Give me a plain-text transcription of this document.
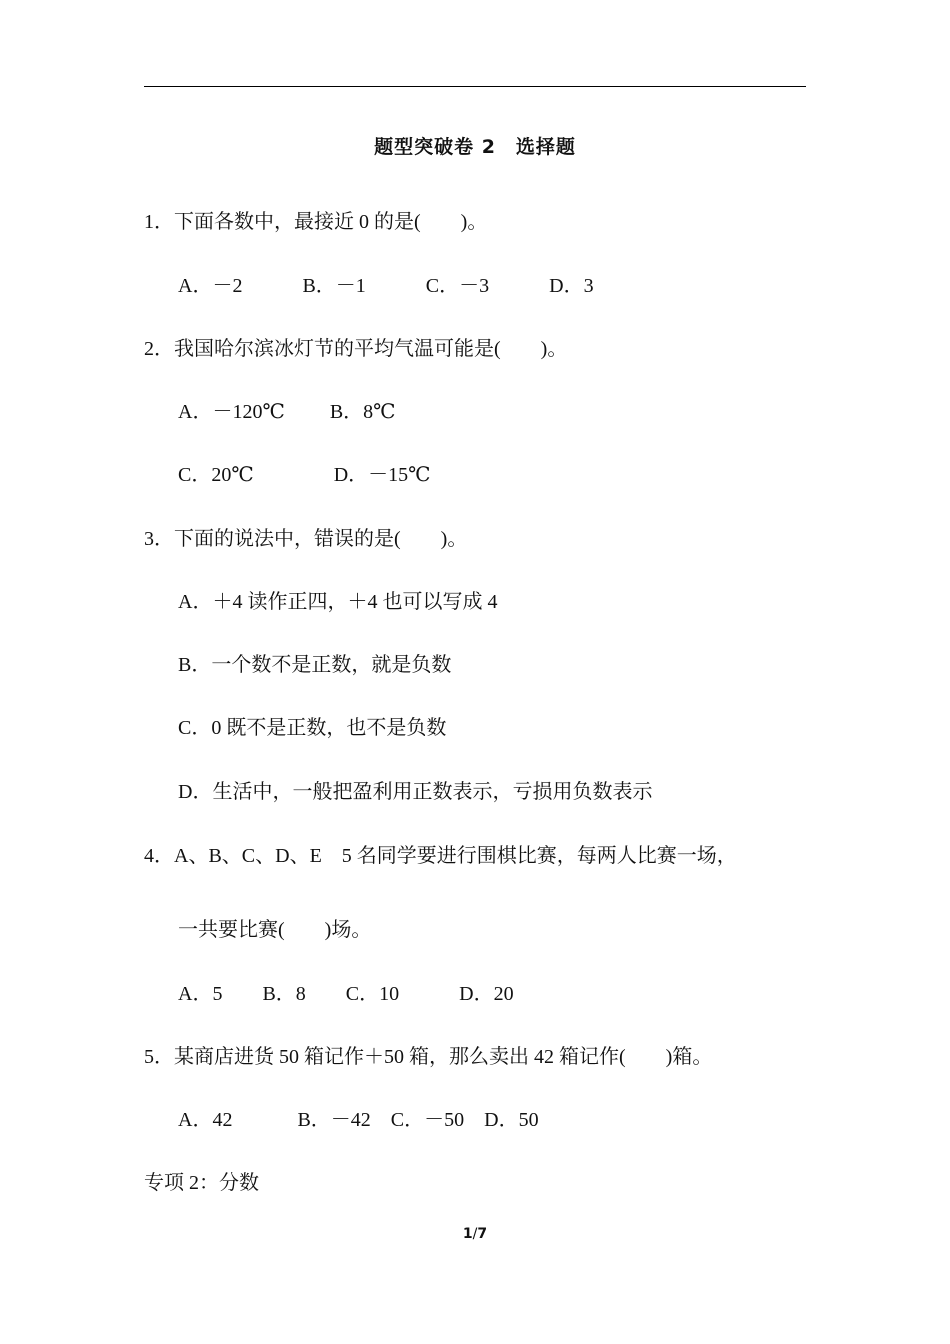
题型突破卷 2　选择题
1．下面各数中，最接近 0 的是(　　)。
A．－2　　　B．－1　　　C．－3　　　D．3
2．我国哈尔滨冰灯节的平均气温可能是(　　)。
A．－120℃　　 B．8℃
C．20℃　　　　D．－15℃
3．下面的说法中，错误的是(　　)。
A．＋4 读作正四，＋4 也可以写成 4
B．一个数不是正数，就是负数
C．0 既不是正数，也不是负数
D．生活中，一般把盈利用正数表示，亏损用负数表示
4．A、B、C、D、E　5 名同学要进行围棋比赛，每两人比赛一场，
一共要比赛(　　)场。
A．5　　B．8　　C．10　　　D．20
5．某商店进货 50 箱记作＋50 箱，那么卖出 42 箱记作(　　)箱。
A．42　　　 B．－42　C．－50　D．50
专项 2：分数
1/7
